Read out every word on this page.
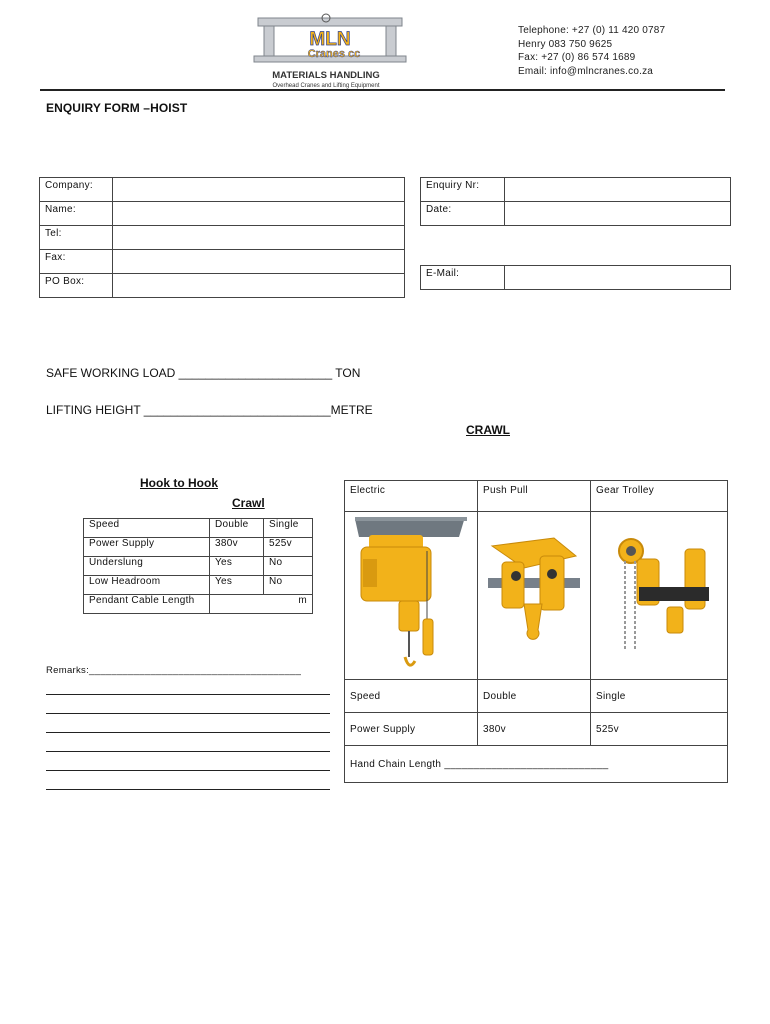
MLN
Cranes cc
MATERIALS HANDLING
Overhead Cranes and Lifting Equipment
Telephone: +27 (0) 11 420 0787
Henry 083 750 9625
Fax: +27 (0) 86 574 1689
Email: info@mlncranes.co.za
ENQUIRY FORM –HOIST
Company:	
Name:	
Tel:	
Fax:	
PO Box:	
Enquiry Nr:	
Date:	
E-Mail:	
SAFE WORKING LOAD _______________________ TON
LIFTING HEIGHT ____________________________METRE
CRAWL
Hook to Hook
Crawl
Speed	Double	Single
Power Supply	380v	525v
Underslung	Yes	No
Low Headroom	Yes	No
Pendant Cable Length	m	
Remarks:______________________________________
Electric	Push Pull	Gear Trolley

Speed	Double	Single
Power Supply	380v	525v
Hand Chain Length ____________________________		
